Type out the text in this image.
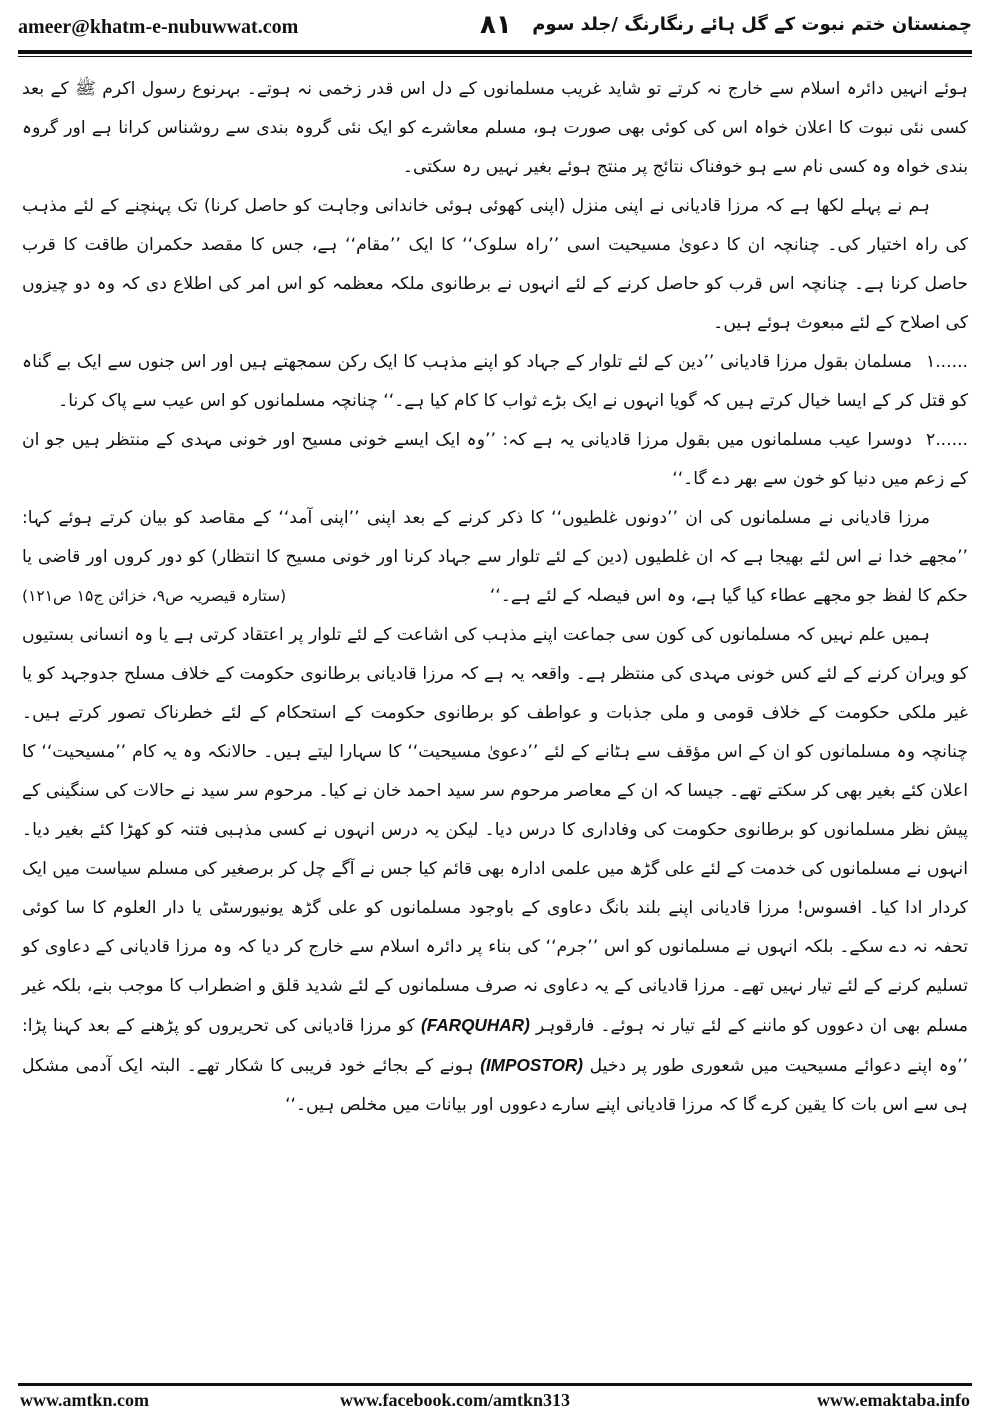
ameer@khatm-e-nubuwwat.com	۸۱ چمنستان ختم نبوت کے گل ہائے رنگارنگ /جلد سوم

ہوئے انہیں دائرہ اسلام سے خارج نہ کرتے تو شاید غریب مسلمانوں کے دل اس قدر زخمی نہ ہوتے۔ بہرنوع رسول اکرم ﷺ کے بعد کسی نئی نبوت کا اعلان خواہ اس کی کوئی بھی صورت ہو، مسلم معاشرے کو ایک نئی گروہ بندی سے روشناس کرانا ہے اور گروہ بندی خواہ وہ کسی نام سے ہو خوفناک نتائج پر منتج ہوئے بغیر نہیں رہ سکتی۔

ہم نے پہلے لکھا ہے کہ مرزا قادیانی نے اپنی منزل (اپنی کھوئی ہوئی خاندانی وجاہت کو حاصل کرنا) تک پہنچنے کے لئے مذہب کی راہ اختیار کی۔ چنانچہ ان کا دعویٰ مسیحیت اسی ’’راہ سلوک‘‘ کا ایک ’’مقام‘‘ ہے، جس کا مقصد حکمران طاقت کا قرب حاصل کرنا ہے۔ چنانچہ اس قرب کو حاصل کرنے کے لئے انہوں نے برطانوی ملکہ معظمہ کو اس امر کی اطلاع دی کہ وہ دو چیزوں کی اصلاح کے لئے مبعوث ہوئے ہیں۔

۱......مسلمان بقول مرزا قادیانی ’’دین کے لئے تلوار کے جہاد کو اپنے مذہب کا ایک رکن سمجھتے ہیں اور اس جنوں سے ایک بے گناہ کو قتل کر کے ایسا خیال کرتے ہیں کہ گویا انہوں نے ایک بڑے ثواب کا کام کیا ہے۔‘‘ چنانچہ مسلمانوں کو اس عیب سے پاک کرنا۔

۲......دوسرا عیب مسلمانوں میں بقول مرزا قادیانی یہ ہے کہ: ’’وہ ایک ایسے خونی مسیح اور خونی مہدی کے منتظر ہیں جو ان کے زعم میں دنیا کو خون سے بھر دے گا۔‘‘

مرزا قادیانی نے مسلمانوں کی ان ’’دونوں غلطیوں‘‘ کا ذکر کرنے کے بعد اپنی ’’اپنی آمد‘‘ کے مقاصد کو بیان کرتے ہوئے کہا: ’’مجھے خدا نے اس لئے بھیجا ہے کہ ان غلطیوں (دین کے لئے تلوار سے جہاد کرنا اور خونی مسیح کا انتظار) کو دور کروں اور قاضی یا حکم کا لفظ جو مجھے عطاء کیا گیا ہے، وہ اس فیصلہ کے لئے ہے۔‘‘

(ستارہ قیصریہ ص۹، خزائن ج۱۵ ص۱۲۱)

ہمیں علم نہیں کہ مسلمانوں کی کون سی جماعت اپنے مذہب کی اشاعت کے لئے تلوار پر اعتقاد کرتی ہے یا وہ انسانی بستیوں کو ویران کرنے کے لئے کس خونی مہدی کی منتظر ہے۔ واقعہ یہ ہے کہ مرزا قادیانی برطانوی حکومت کے خلاف مسلح جدوجہد کو یا غیر ملکی حکومت کے خلاف قومی و ملی جذبات و عواطف کو برطانوی حکومت کے استحکام کے لئے خطرناک تصور کرتے ہیں۔ چنانچہ وہ مسلمانوں کو ان کے اس مؤقف سے ہٹانے کے لئے ’’دعویٰ مسیحیت‘‘ کا سہارا لیتے ہیں۔ حالانکہ وہ یہ کام ’’مسیحیت‘‘ کا اعلان کئے بغیر بھی کر سکتے تھے۔ جیسا کہ ان کے معاصر مرحوم سر سید احمد خان نے کیا۔ مرحوم سر سید نے حالات کی سنگینی کے پیش نظر مسلمانوں کو برطانوی حکومت کی وفاداری کا درس دیا۔ لیکن یہ درس انہوں نے کسی مذہبی فتنہ کو کھڑا کئے بغیر دیا۔ انہوں نے مسلمانوں کی خدمت کے لئے علی گڑھ میں علمی ادارہ بھی قائم کیا جس نے آگے چل کر برصغیر کی مسلم سیاست میں ایک کردار ادا کیا۔ افسوس! مرزا قادیانی اپنے بلند بانگ دعاوی کے باوجود مسلمانوں کو علی گڑھ یونیورسٹی یا دار العلوم کا سا کوئی تحفہ نہ دے سکے۔ بلکہ انہوں نے مسلمانوں کو اس ’’جرم‘‘ کی بناء پر دائرہ اسلام سے خارج کر دیا کہ وہ مرزا قادیانی کے دعاوی کو تسلیم کرنے کے لئے تیار نہیں تھے۔ مرزا قادیانی کے یہ دعاوی نہ صرف مسلمانوں کے لئے شدید قلق و اضطراب کا موجب بنے، بلکہ غیر مسلم بھی ان دعووں کو ماننے کے لئے تیار نہ ہوئے۔ فارقوہر (FARQUHAR) کو مرزا قادیانی کی تحریروں کو پڑھنے کے بعد کہنا پڑا: ’’وہ اپنے دعوائے مسیحیت میں شعوری طور پر دخیل (IMPOSTOR) ہونے کے بجائے خود فریبی کا شکار تھے۔ البتہ ایک آدمی مشکل ہی سے اس بات کا یقین کرے گا کہ مرزا قادیانی اپنے سارے دعووں اور بیانات میں مخلص ہیں۔‘‘

www.amtkn.com	www.facebook.com/amtkn313	www.emaktaba.info
